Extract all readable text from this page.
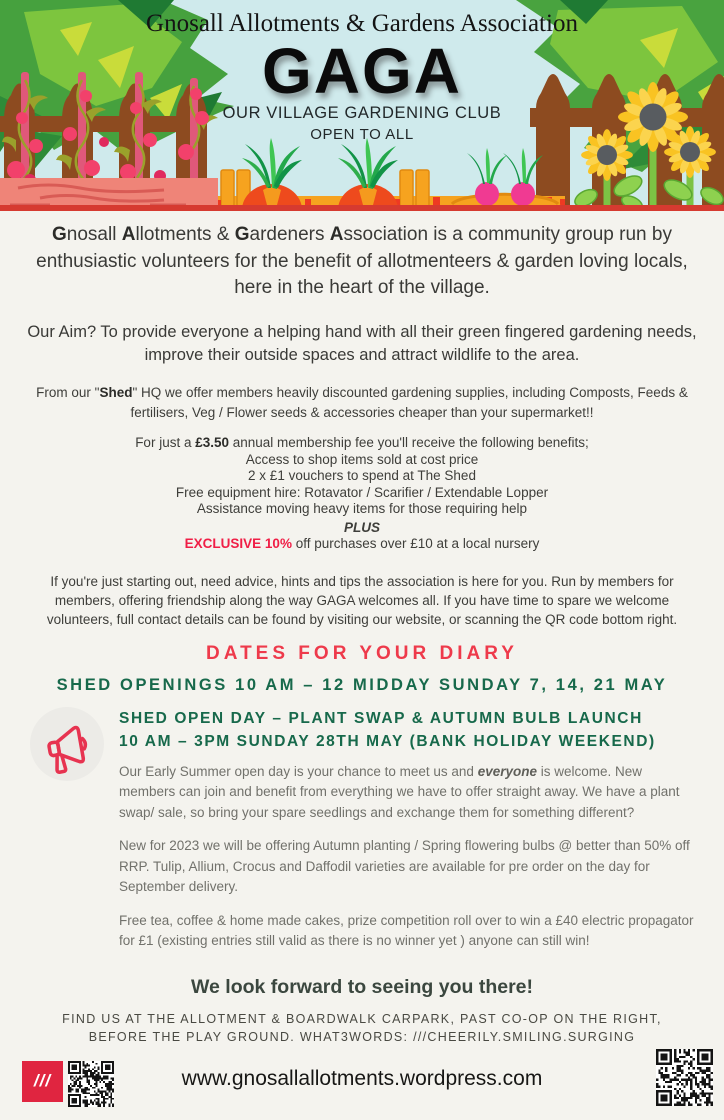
Gnosall Allotments & Gardens Association
GAGA
OUR VILLAGE GARDENING CLUB
OPEN TO ALL

Gnosall Allotments & Gardeners Association is a community group run by enthusiastic volunteers for the benefit of allotmenteers & garden loving locals, here in the heart of the village.

Our Aim? To provide everyone a helping hand with all their green fingered gardening needs, improve their outside spaces and attract wildlife to the area.

From our "Shed" HQ we offer members heavily discounted gardening supplies, including Composts, Feeds & fertilisers, Veg / Flower seeds & accessories cheaper than your supermarket!!

For just a £3.50 annual membership fee you'll receive the following benefits;
Access to shop items sold at cost price
2 x £1 vouchers to spend at The Shed
Free equipment hire: Rotavator / Scarifier / Extendable Lopper
Assistance moving heavy items for those requiring help
PLUS
EXCLUSIVE 10% off purchases over £10 at a local nursery

If you're just starting out, need advice, hints and tips the association is here for you. Run by members for members, offering friendship along the way GAGA welcomes all. If you have time to spare we welcome volunteers, full contact details can be found by visiting our website, or scanning the QR code bottom right.

DATES FOR YOUR DIARY
SHED OPENINGS 10 AM – 12 MIDDAY SUNDAY 7, 14, 21 MAY
SHED OPEN DAY – PLANT SWAP & AUTUMN BULB LAUNCH
10 AM – 3PM SUNDAY 28TH MAY (BANK HOLIDAY WEEKEND)

Our Early Summer open day is your chance to meet us and everyone is welcome. New members can join and benefit from everything we have to offer straight away. We have a plant swap/ sale, so bring your spare seedlings and exchange them for something different?

New for 2023 we will be offering Autumn planting / Spring flowering bulbs @ better than 50% off RRP. Tulip, Allium, Crocus and Daffodil varieties are available for pre order on the day for September delivery.

Free tea, coffee & home made cakes, prize competition roll over to win a £40 electric propagator for £1 (existing entries still valid as there is no winner yet ) anyone can still win!

We look forward to seeing you there!
FIND US AT THE ALLOTMENT & BOARDWALK CARPARK, PAST CO-OP ON THE RIGHT,
BEFORE THE PLAY GROUND. WHAT3WORDS: ///CHEERILY.SMILING.SURGING
///	www.gnosallallotments.wordpress.com
